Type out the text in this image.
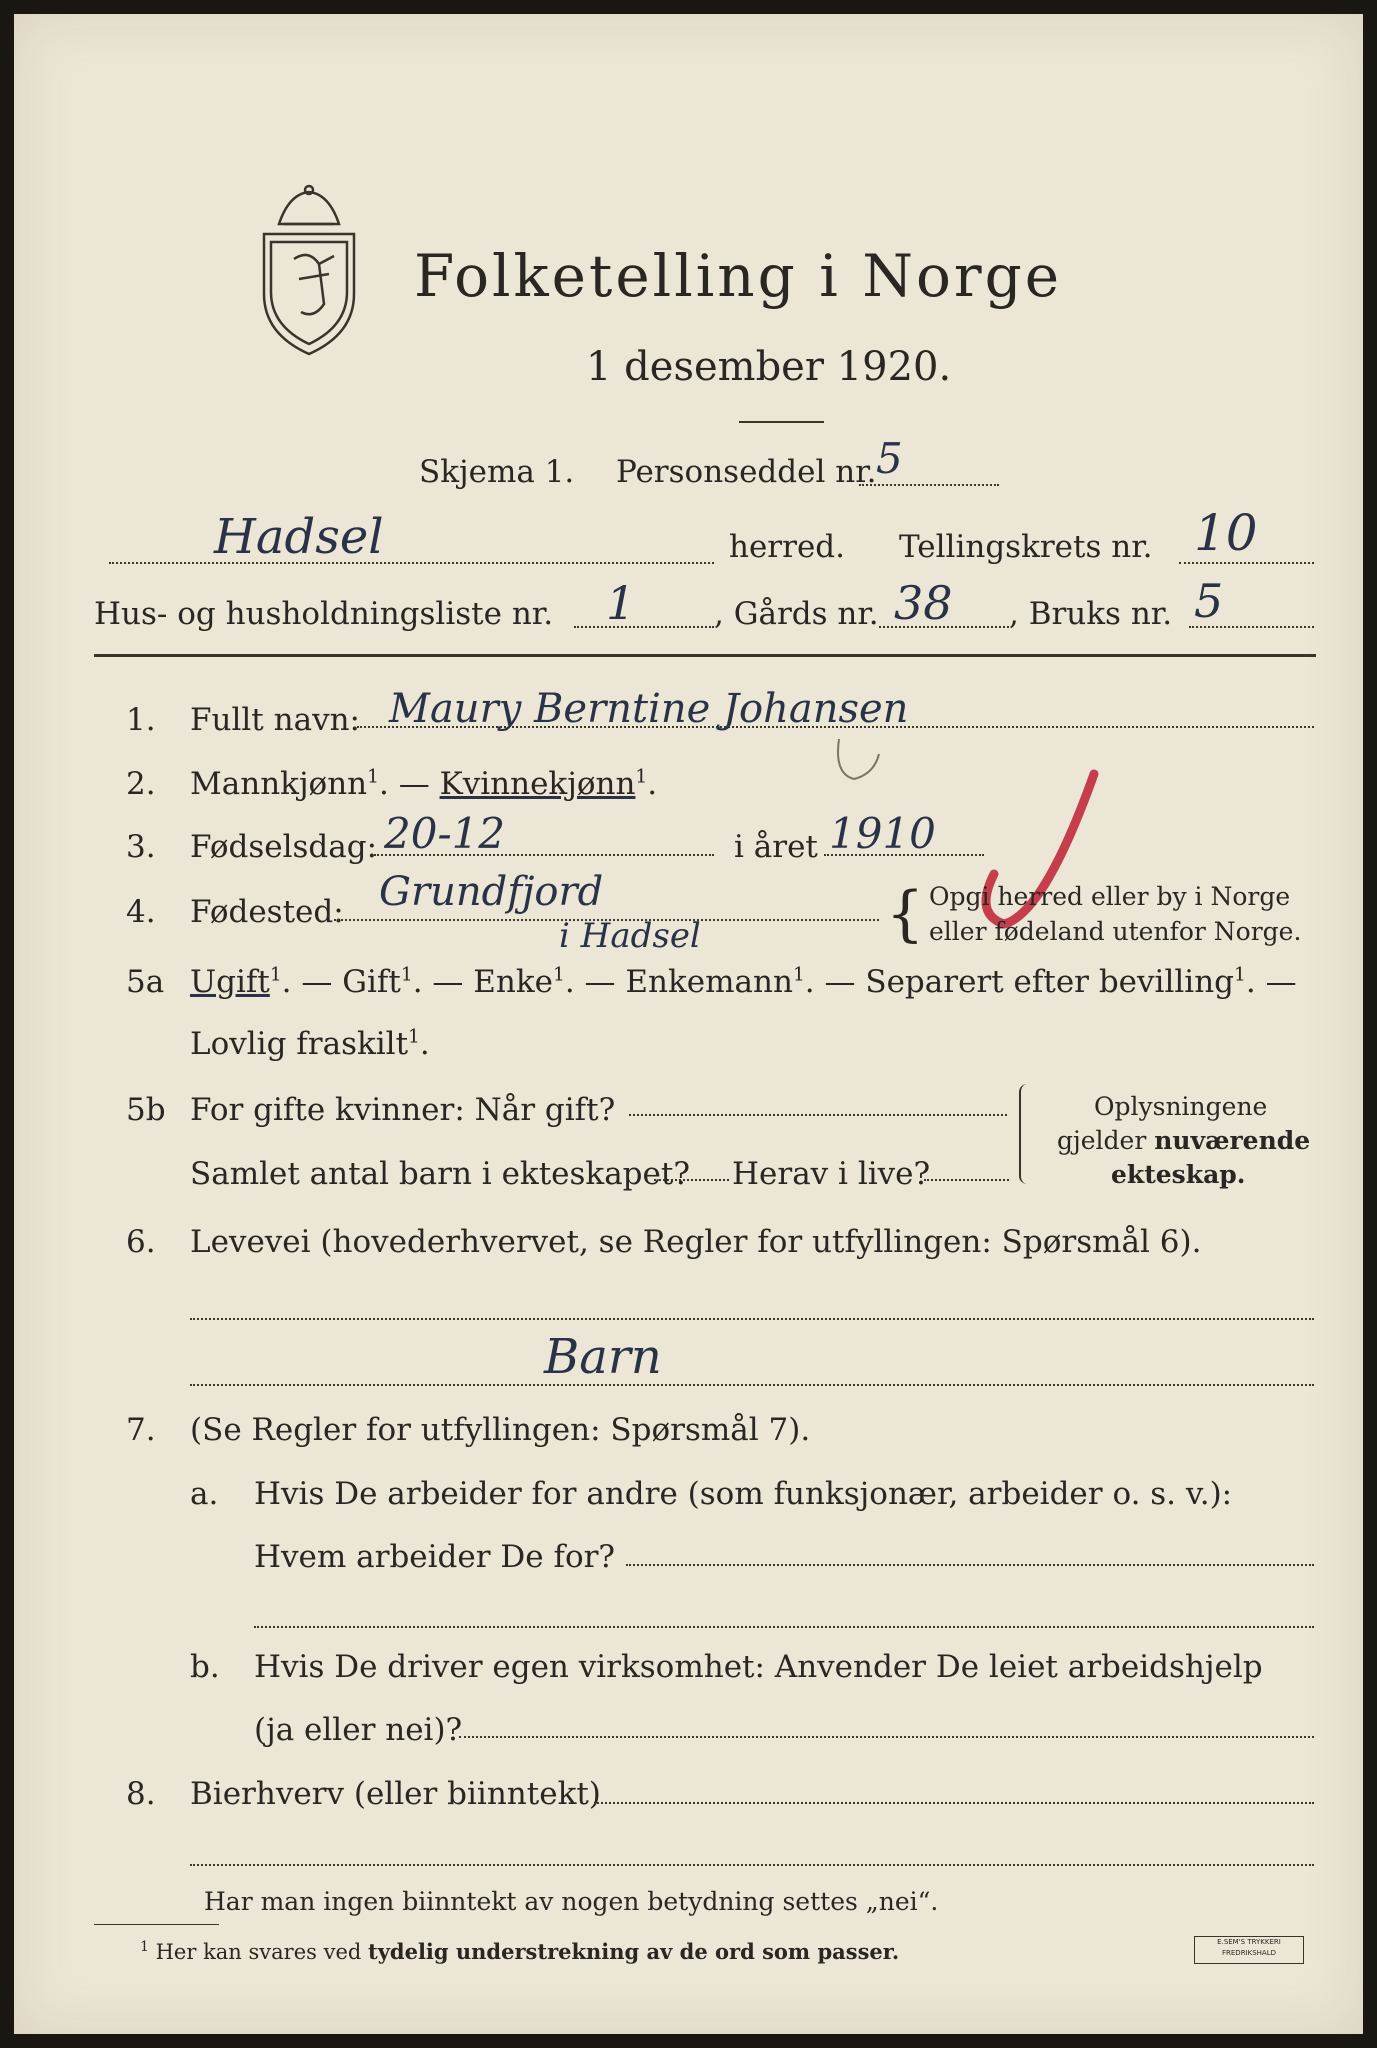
Folketelling i Norge
1 desember 1920.
Skjema 1. Personseddel nr. 5
Hadsel	herred. Tellingskrets nr. 10
Hus- og husholdningsliste nr. 1	, Gårds nr. 38 , Bruks nr. 5
1. Fullt navn: Maury Berntine Johansen
2. Mannkjønn$^1$. — Kvinnekjønn$^1$.
3. Fødselsdag: 20-12	i året 1910
4. Fødested: Grundfjord
i Hadsel	{ Opgi herred eller by i Norge
eller fødeland utenfor Norge.
5a Ugift$^1$. — Gift$^1$. — Enke$^1$. — Enkemann$^1$. — Separert efter bevilling$^1$. —
Lovlig fraskilt$^1$.
5b For gifte kvinner: Når gift?
Samlet antal barn i ekteskapet? Herav i live?
Oplysningene
gjelder nuværende
ekteskap.
6. Levevei (hovederhvervet, se Regler for utfyllingen: Spørsmål 6).
Barn
7. (Se Regler for utfyllingen: Spørsmål 7).
a. Hvis De arbeider for andre (som funksjonær, arbeider o. s. v.):
Hvem arbeider De for?
b. Hvis De driver egen virksomhet: Anvender De leiet arbeidshjelp
(ja eller nei)?
8. Bierhverv (eller biinntekt)
Har man ingen biinntekt av nogen betydning settes „nei“.
$^1$ Her kan svares ved tydelig understrekning av de ord som passer.	E.SEM'S TRYKKERI
FREDRIKSHALD
